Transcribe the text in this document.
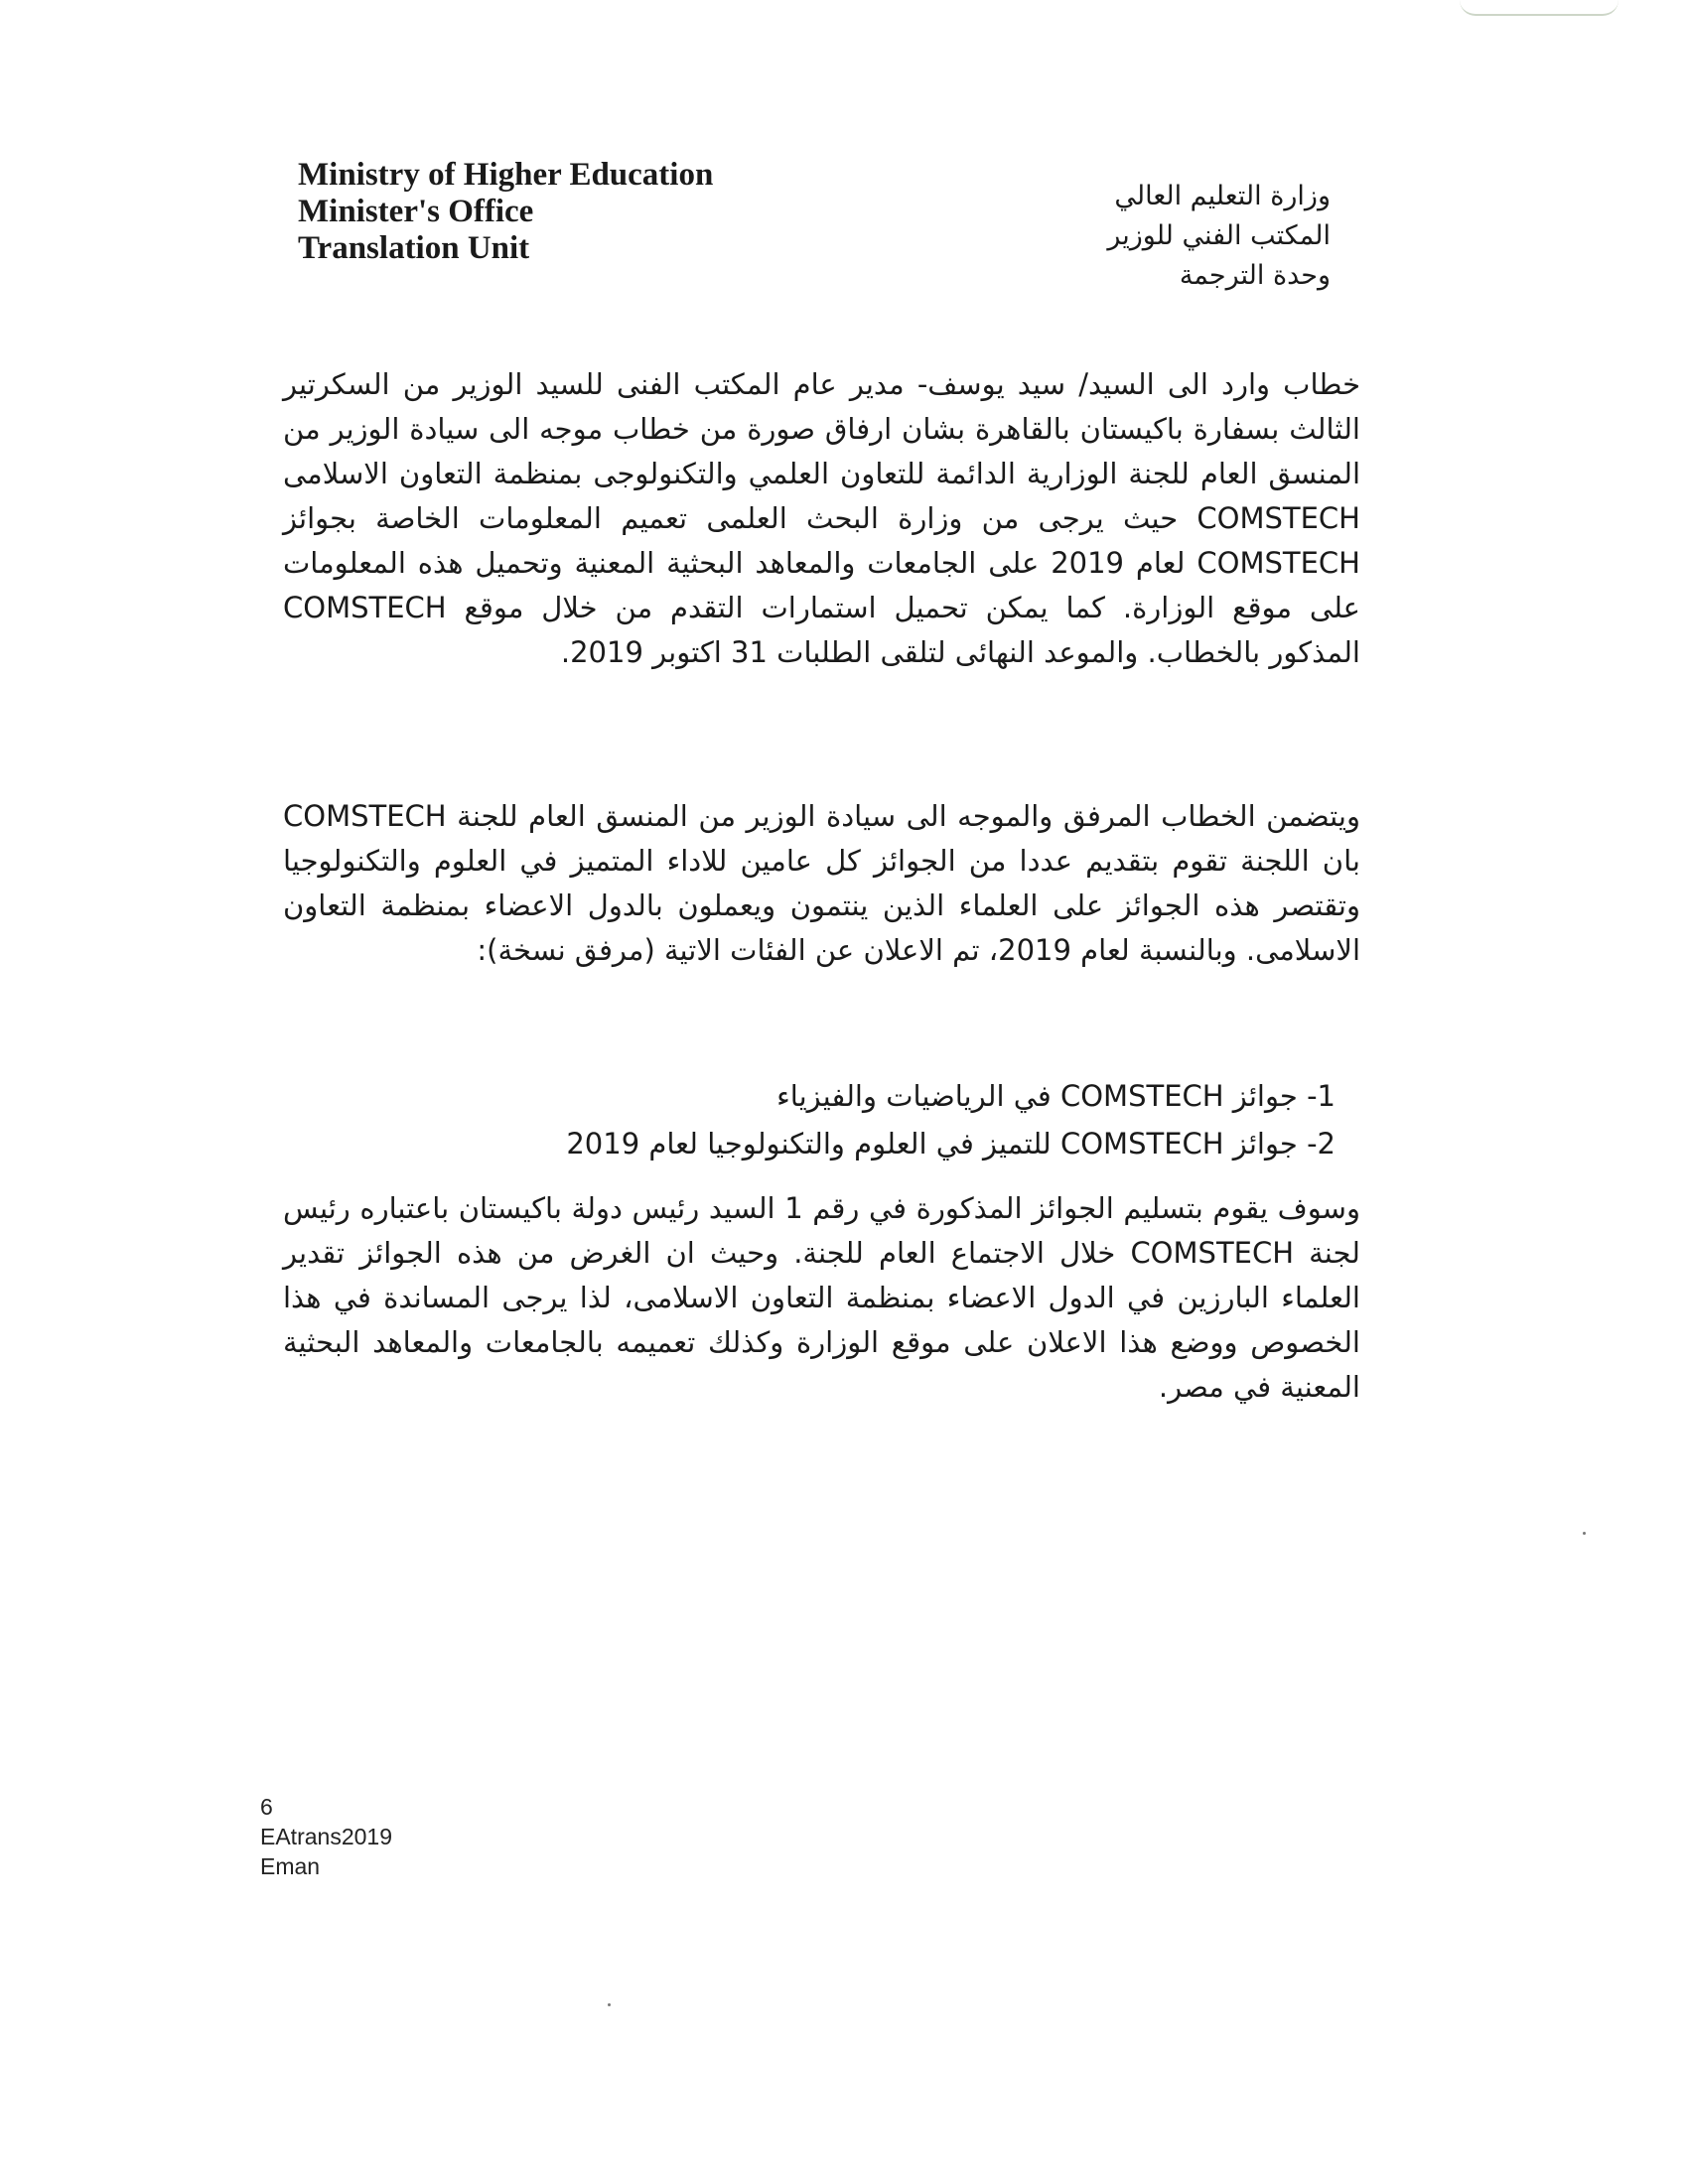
Ministry of Higher Education
Minister's Office
Translation Unit
وزارة التعليم العالي
المكتب الفني للوزير
وحدة الترجمة
خطاب وارد الى السيد/ سيد يوسف- مدير عام المكتب الفنى للسيد الوزير من السكرتير الثالث بسفارة باكيستان بالقاهرة بشان ارفاق صورة من خطاب موجه الى سيادة الوزير من المنسق العام للجنة الوزارية الدائمة للتعاون العلمي والتكنولوجى بمنظمة التعاون الاسلامى COMSTECH حيث يرجى من وزارة البحث العلمى تعميم المعلومات الخاصة بجوائز COMSTECH لعام 2019 على الجامعات والمعاهد البحثية المعنية وتحميل هذه المعلومات على موقع الوزارة. كما يمكن تحميل استمارات التقدم من خلال موقع COMSTECH المذكور بالخطاب. والموعد النهائى لتلقى الطلبات 31 اكتوبر 2019.
ويتضمن الخطاب المرفق والموجه الى سيادة الوزير من المنسق العام للجنة COMSTECH بان اللجنة تقوم بتقديم عددا من الجوائز كل عامين للاداء المتميز في العلوم والتكنولوجيا وتقتصر هذه الجوائز على العلماء الذين ينتمون ويعملون بالدول الاعضاء بمنظمة التعاون الاسلامى. وبالنسبة لعام 2019، تم الاعلان عن الفئات الاتية (مرفق نسخة):
1- جوائز COMSTECH في الرياضيات والفيزياء
2- جوائز COMSTECH للتميز في العلوم والتكنولوجيا لعام 2019
وسوف يقوم بتسليم الجوائز المذكورة في رقم 1 السيد رئيس دولة باكيستان باعتباره رئيس لجنة COMSTECH خلال الاجتماع العام للجنة. وحيث ان الغرض من هذه الجوائز تقدير العلماء البارزين في الدول الاعضاء بمنظمة التعاون الاسلامى، لذا يرجى المساندة في هذا الخصوص ووضع هذا الاعلان على موقع الوزارة وكذلك تعميمه بالجامعات والمعاهد البحثية المعنية في مصر.
6
EAtrans2019
Eman
